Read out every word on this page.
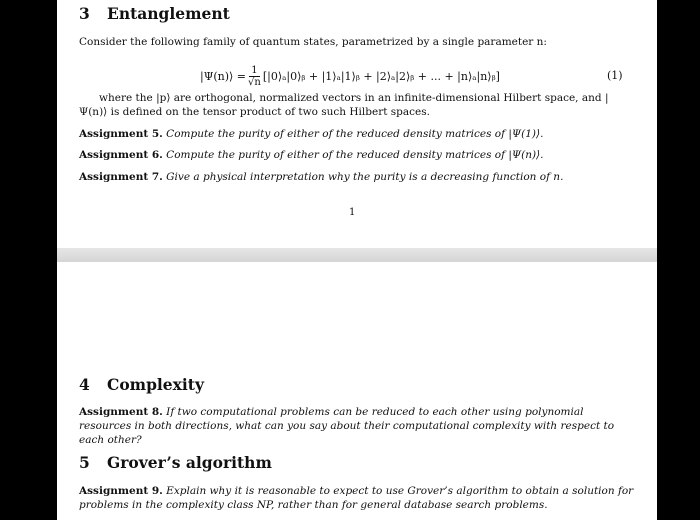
3 Entanglement
Consider the following family of quantum states, parametrized by a single parameter n:
|Ψ(n)⟩ = $\frac{1}{√n}$ [|0⟩ₐ|0⟩ᵦ + |1⟩ₐ|1⟩ᵦ + |2⟩ₐ|2⟩ᵦ + ... + |n⟩ₐ|n⟩ᵦ]	(1)
where the |p⟩ are orthogonal, normalized vectors in an infinite-dimensional Hilbert space, and |Ψ(n)⟩ is defined on the tensor product of two such Hilbert spaces.
Assignment 5. Compute the purity of either of the reduced density matrices of |Ψ(1)⟩.
Assignment 6. Compute the purity of either of the reduced density matrices of |Ψ(n)⟩.
Assignment 7. Give a physical interpretation why the purity is a decreasing function of n.
1
4 Complexity
Assignment 8. If two computational problems can be reduced to each other using polynomial resources in both directions, what can you say about their computational complexity with respect to each other?
5 Grover’s algorithm
Assignment 9. Explain why it is reasonable to expect to use Grover’s algorithm to obtain a solution for problems in the complexity class NP, rather than for general database search problems.
